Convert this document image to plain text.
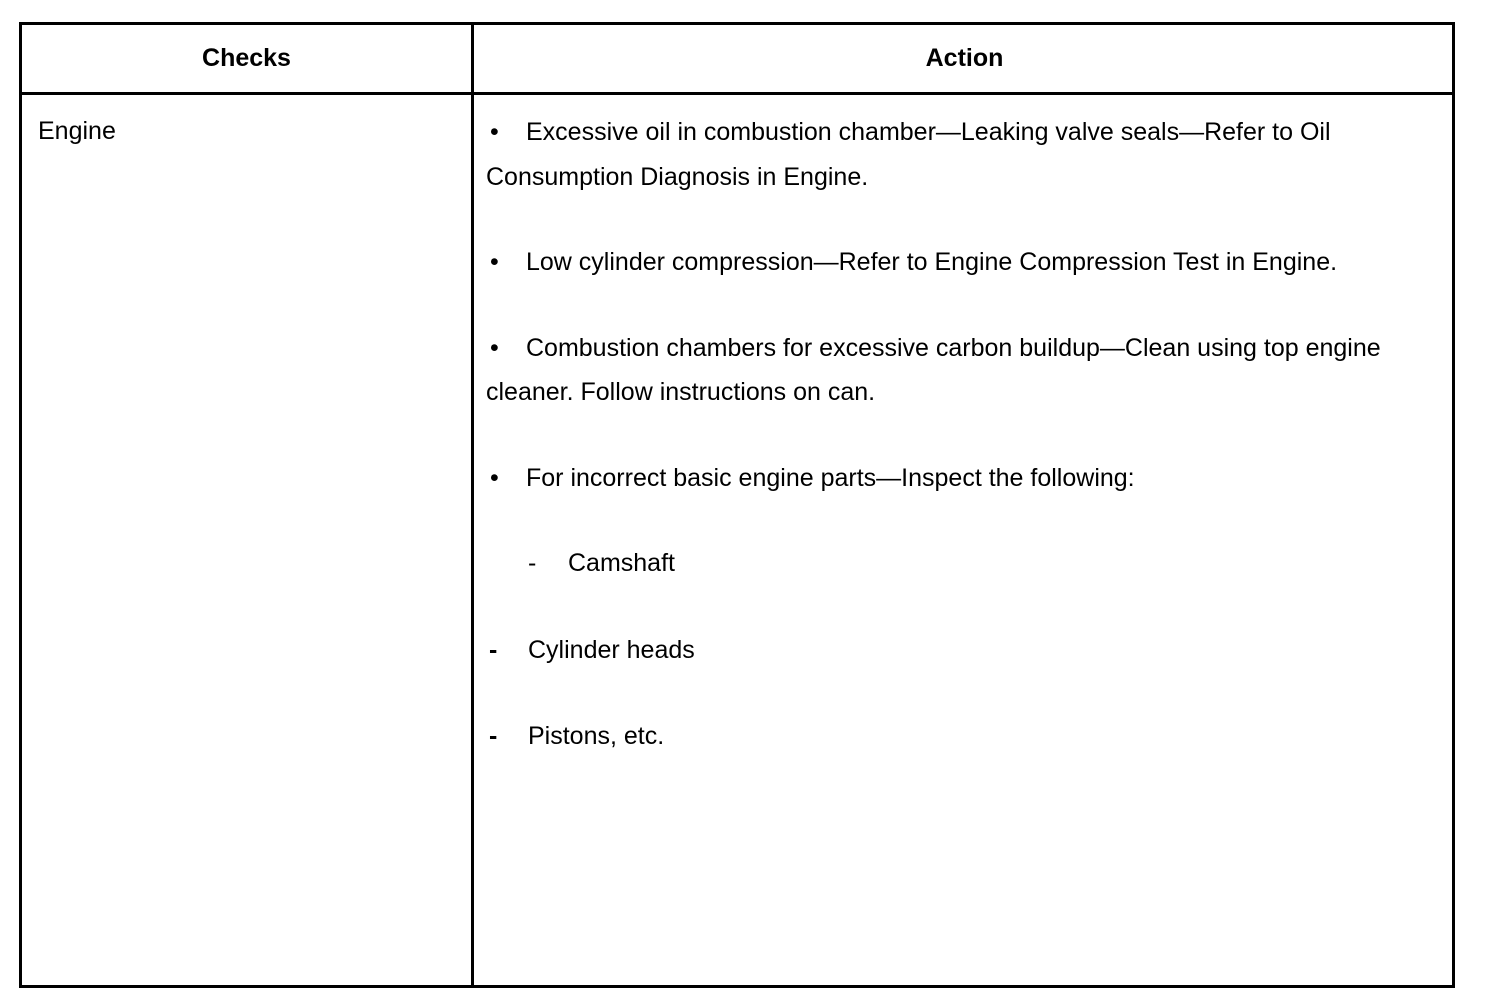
Checks	Action
Engine	• Excessive oil in combustion chamber—Leaking valve seals—Refer to Oil Consumption Diagnosis in Engine.
• Low cylinder compression—Refer to Engine Compression Test in Engine.
• Combustion chambers for excessive carbon buildup—Clean using top engine cleaner. Follow instructions on can.
• For incorrect basic engine parts—Inspect the following:
- Camshaft
- Cylinder heads
- Pistons, etc.
